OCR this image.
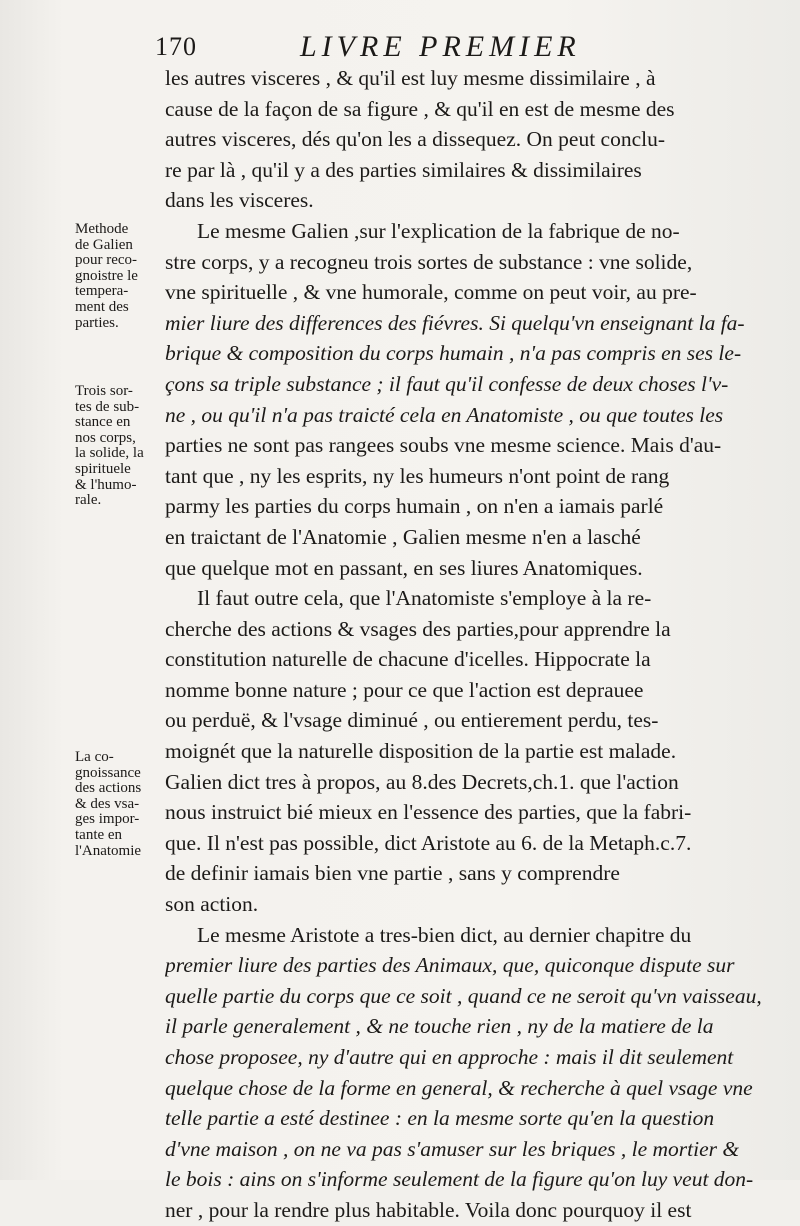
170	LIVRE PREMIER
Methode
de Galien
pour reco-
gnoistre le
tempera-
ment des
parties.
Trois sor-
tes de sub-
stance en
nos corps,
la solide, la
spirituele
& l'humo-
rale.
La co-
gnoissance
des actions
& des vsa-
ges impor-
tante en
l'Anatomie
les autres visceres , & qu'il est luy mesme dissimilaire , à
cause de la façon de sa figure , & qu'il en est de mesme des
autres visceres, dés qu'on les a dissequez. On peut conclu-
re par là , qu'il y a des parties similaires & dissimilaires
dans les visceres.
Le mesme Galien ,sur l'explication de la fabrique de no-
stre corps, y a recogneu trois sortes de substance : vne solide,
vne spirituelle , & vne humorale, comme on peut voir, au pre-
mier liure des differences des fiévres. Si quelqu'vn enseignant la fa-
brique & composition du corps humain , n'a pas compris en ses le-
çons sa triple substance ; il faut qu'il confesse de deux choses l'v-
ne , ou qu'il n'a pas traicté cela en Anatomiste , ou que toutes les
parties ne sont pas rangees soubs vne mesme science. Mais d'au-
tant que , ny les esprits, ny les humeurs n'ont point de rang
parmy les parties du corps humain , on n'en a iamais parlé
en traictant de l'Anatomie , Galien mesme n'en a lasché
que quelque mot en passant, en ses liures Anatomiques.
Il faut outre cela, que l'Anatomiste s'employe à la re-
cherche des actions & vsages des parties,pour apprendre la
constitution naturelle de chacune d'icelles. Hippocrate la
nomme bonne nature ; pour ce que l'action est deprauee
ou perduë, & l'vsage diminué , ou entierement perdu, tes-
moignét que la naturelle disposition de la partie est malade.
Galien dict tres à propos, au 8.des Decrets,ch.1. que l'action
nous instruict bié mieux en l'essence des parties, que la fabri-
que. Il n'est pas possible, dict Aristote au 6. de la Metaph.c.7.
de definir iamais bien vne partie , sans y comprendre
son action.
Le mesme Aristote a tres-bien dict, au dernier chapitre du
premier liure des parties des Animaux, que, quiconque dispute sur
quelle partie du corps que ce soit , quand ce ne seroit qu'vn vaisseau,
il parle generalement , & ne touche rien , ny de la matiere de la
chose proposee, ny d'autre qui en approche : mais il dit seulement
quelque chose de la forme en general, & recherche à quel vsage vne
telle partie a esté destinee : en la mesme sorte qu'en la question
d'vne maison , on ne va pas s'amuser sur les briques , le mortier &
le bois : ains on s'informe seulement de la figure qu'on luy veut don-
ner , pour la rendre plus habitable. Voila donc pourquoy il est
